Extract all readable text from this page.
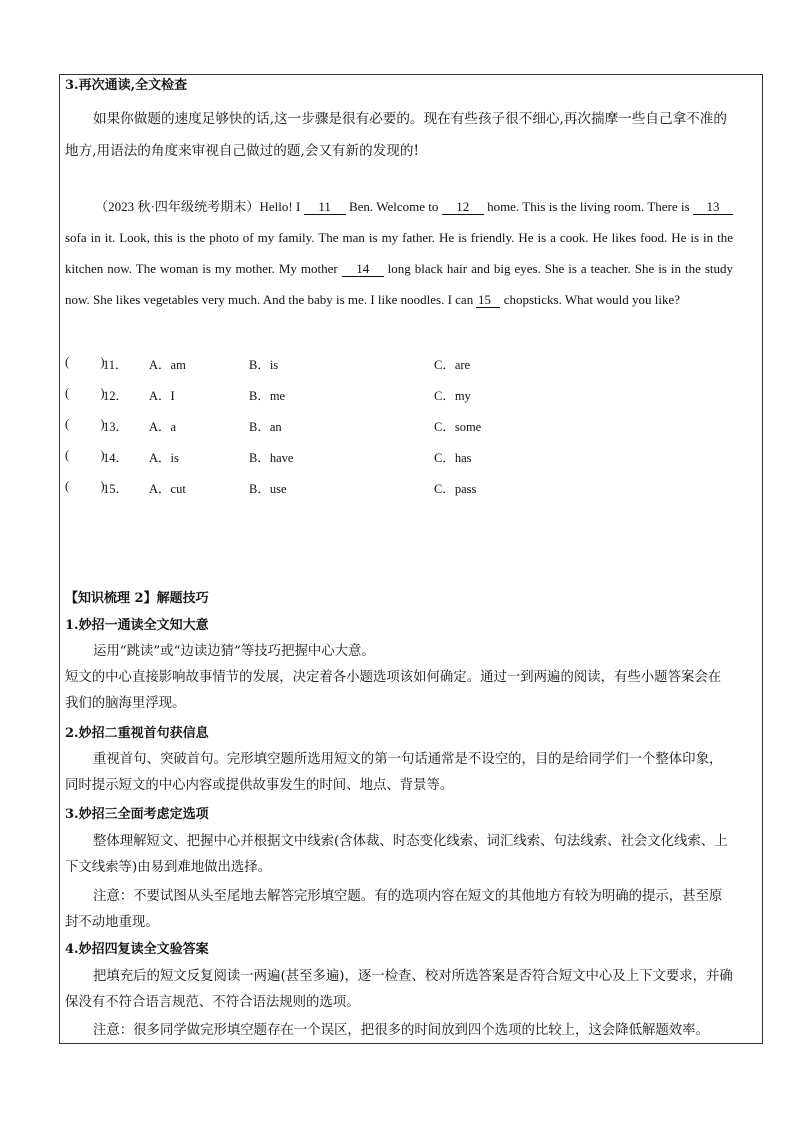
3.再次通读,全文检查
如果你做题的速度足够快的话,这一步骤是很有必要的。现在有些孩子很不细心,再次揣摩一些自己拿不准的地方,用语法的角度来审视自己做过的题,会又有新的发现的!
（2023 秋·四年级统考期末）Hello! I 11 Ben. Welcome to 12 home. This is the living room. There is 13 sofa in it. Look, this is the photo of my family. The man is my father. He is friendly. He is a cook. He likes food. He is in the kitchen now. The woman is my mother. My mother 14 long black hair and big eyes. She is a teacher. She is in the study now. She likes vegetables very much. And the baby is me. I like noodles. I can 15 chopsticks. What would you like?
(          )
11． A．am	B．is	C．are
(          )
12． A．I	B．me	C．my
(          )
13． A．a	B．an	C．some
(          )
14． A．is	B．have	C．has
(          )
15． A．cut	B．use	C．pass
【知识梳理 2】解题技巧
1.妙招一通读全文知大意
运用“跳读”或“边读边猜”等技巧把握中心大意。
短文的中心直接影响故事情节的发展，决定着各小题选项该如何确定。通过一到两遍的阅读，有些小题答案会在我们的脑海里浮现。
2.妙招二重视首句获信息
重视首句、突破首句。完形填空题所选用短文的第一句话通常是不设空的，目的是给同学们一个整体印象，同时提示短文的中心内容或提供故事发生的时间、地点、背景等。
3.妙招三全面考虑定选项
整体理解短文、把握中心并根据文中线索(含体裁、时态变化线索、词汇线索、句法线索、社会文化线索、上下文线索等)由易到难地做出选择。
注意：不要试图从头至尾地去解答完形填空题。有的选项内容在短文的其他地方有较为明确的提示，甚至原封不动地重现。
4.妙招四复读全文验答案
把填充后的短文反复阅读一两遍(甚至多遍)，逐一检查、校对所选答案是否符合短文中心及上下文要求，并确保没有不符合语言规范、不符合语法规则的选项。
注意：很多同学做完形填空题存在一个误区，把很多的时间放到四个选项的比较上，这会降低解题效率。
